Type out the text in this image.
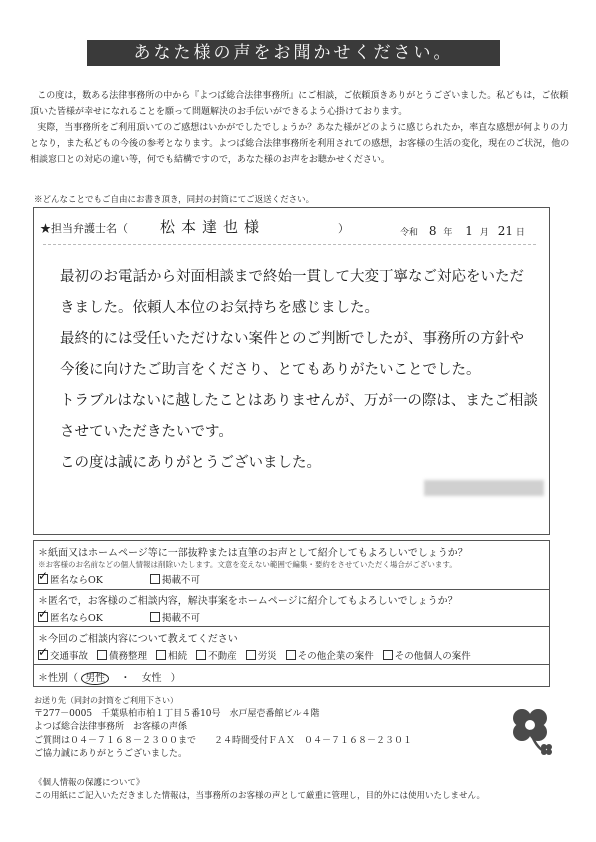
あなた様の声をお聞かせください。

この度は，数ある法律事務所の中から『よつば総合法律事務所』にご相談，ご依頼頂きありがとうございました。私どもは，ご依頼頂いた皆様が幸せになれることを願って問題解決のお手伝いができるよう心掛けております。

実際，当事務所をご利用頂いてのご感想はいかがでしたでしょうか？あなた様がどのように感じられたか，率直な感想が何よりの力となり，また私どもの今後の参考となります。よつば総合法律事務所を利用されての感想，お客様の生活の変化，現在のご状況，他の相談窓口との対応の違い等，何でも結構ですので，あなた様のお声をお聴かせください。

※どんなことでもご自由にお書き頂き，同封の封筒にてご返送ください。
★担当弁護士名（ 松本達也様	）	令和 8 年 1 月 21 日
最初のお電話から対面相談まで終始一貫して大変丁寧なご対応をいただ
きました。依頼人本位のお気持ちを感じました。
最終的には受任いただけない案件とのご判断でしたが、事務所の方針や
今後に向けたご助言をくださり、とてもありがたいことでした。
トラブルはないに越したことはありませんが、万が一の際は、またご相談
させていただきたいです。
この度は誠にありがとうございました。
＊紙面又はホームページ等に一部抜粋または直筆のお声として紹介してもよろしいでしょうか？
※お客様のお名前などの個人情報は削除いたします。文意を変えない範囲で編集・要約をさせていただく場合がございます。
✓匿名ならOK	掲載不可
＊匿名で，お客様のご相談内容，解決事案をホームページに紹介してもよろしいでしょうか？
✓匿名ならOK	掲載不可
＊今回のご相談内容について教えてください
✓交通事故 債務整理 相続 不動産 労災 その他企業の案件 その他個人の案件
＊性別（ 男性 ・ 女性 ）
お送り先（同封の封筒をご利用下さい）
〒277－0005　千葉県柏市柏１丁目５番10号　水戸屋壱番館ビル４階
よつば総合法律事務所　お客様の声係
ご質問は０４－７１６８－２３００まで　　２４時間受付ＦＡＸ　０４－７１６８－２３０１
ご協力誠にありがとうございました。
《個人情報の保護について》
この用紙にご記入いただきました情報は，当事務所のお客様の声として厳重に管理し，目的外には使用いたしません。
